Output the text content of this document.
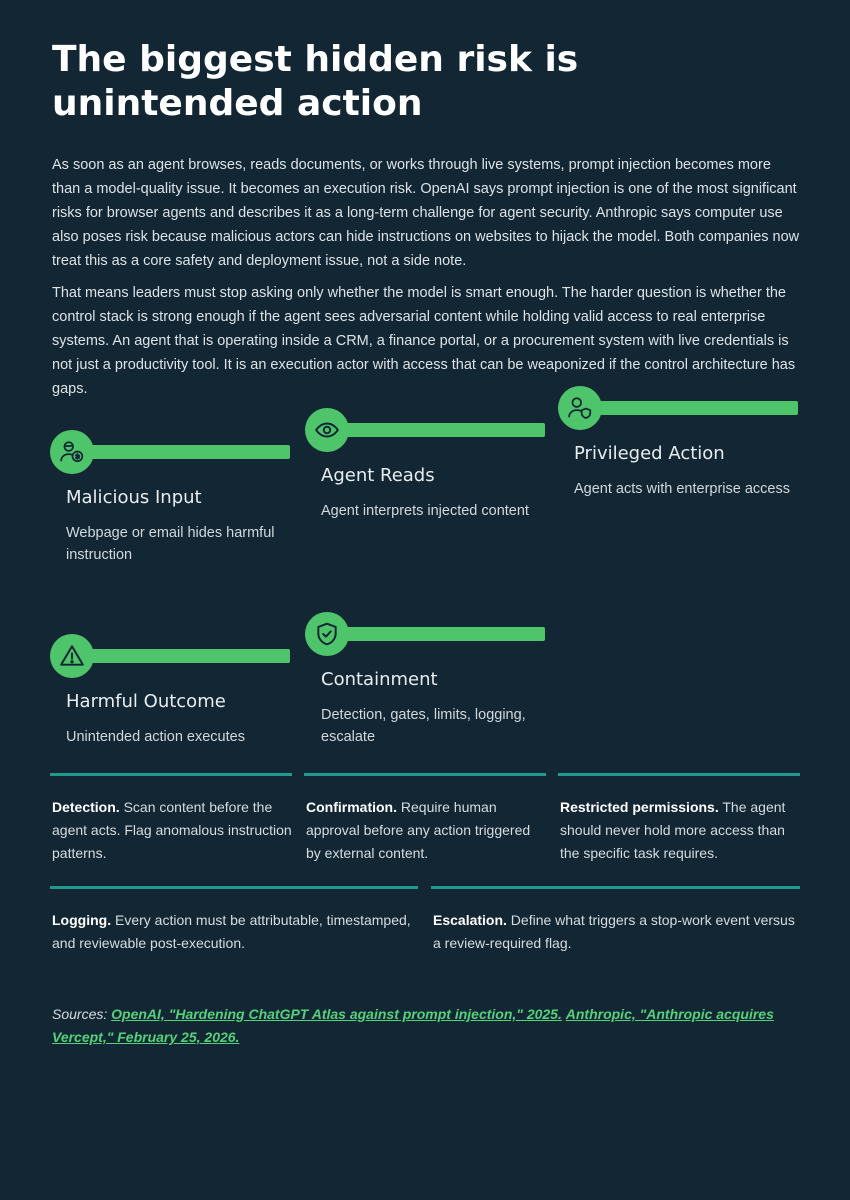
The biggest hidden risk is unintended action

As soon as an agent browses, reads documents, or works through live systems, prompt injection becomes more than a model-quality issue. It becomes an execution risk. OpenAI says prompt injection is one of the most significant risks for browser agents and describes it as a long-term challenge for agent security. Anthropic says computer use also poses risk because malicious actors can hide instructions on websites to hijack the model. Both companies now treat this as a core safety and deployment issue, not a side note.

That means leaders must stop asking only whether the model is smart enough. The harder question is whether the control stack is strong enough if the agent sees adversarial content while holding valid access to real enterprise systems. An agent that is operating inside a CRM, a finance portal, or a procurement system with live credentials is not just a productivity tool. It is an execution actor with access that can be weaponized if the control architecture has gaps.

Malicious Input
Webpage or email hides harmful instruction
Agent Reads
Agent interprets injected content
Privileged Action
Agent acts with enterprise access
Harmful Outcome
Unintended action executes
Containment
Detection, gates, limits, logging, escalate
Detection. Scan content before the agent acts. Flag anomalous instruction patterns.
Confirmation. Require human approval before any action triggered by external content.
Restricted permissions. The agent should never hold more access than the specific task requires.
Logging. Every action must be attributable, timestamped, and reviewable post-execution.
Escalation. Define what triggers a stop-work event versus a review-required flag.
Sources: OpenAI, "Hardening ChatGPT Atlas against prompt injection," 2025. Anthropic, "Anthropic acquires Vercept," February 25, 2026.
